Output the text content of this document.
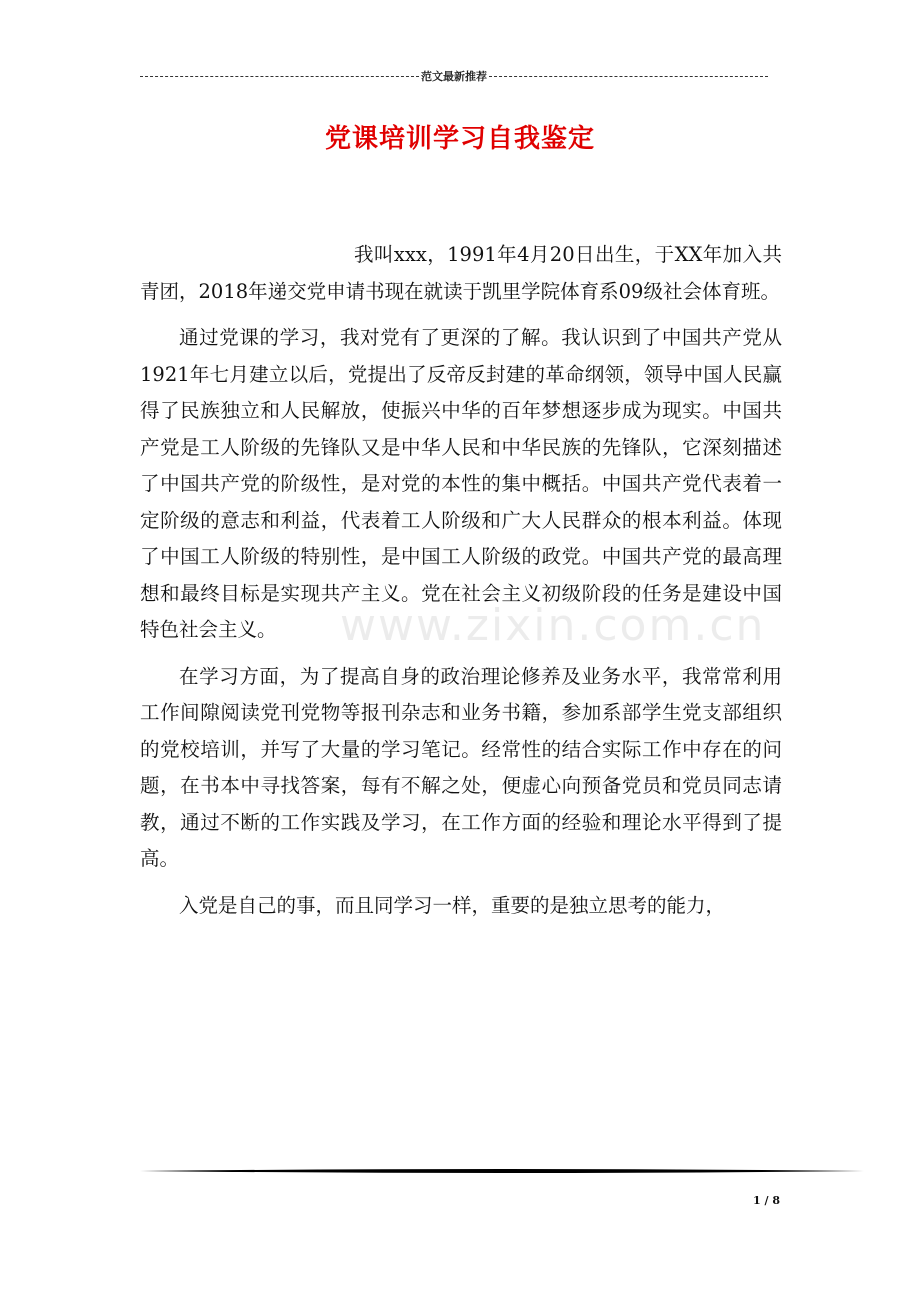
范文最新推荐
党课培训学习自我鉴定
www.zixin.com.cn

我叫xxx，1991年4月20日出生，于XX年加入共青团，2018年递交党申请书现在就读于凯里学院体育系09级社会体育班。

通过党课的学习，我对党有了更深的了解。我认识到了中国共产党从1921年七月建立以后，党提出了反帝反封建的革命纲领，领导中国人民赢得了民族独立和人民解放，使振兴中华的百年梦想逐步成为现实。中国共产党是工人阶级的先锋队又是中华人民和中华民族的先锋队，它深刻描述了中国共产党的阶级性，是对党的本性的集中概括。中国共产党代表着一定阶级的意志和利益，代表着工人阶级和广大人民群众的根本利益。体现了中国工人阶级的特别性，是中国工人阶级的政党。中国共产党的最高理想和最终目标是实现共产主义。党在社会主义初级阶段的任务是建设中国特色社会主义。

在学习方面，为了提高自身的政治理论修养及业务水平，我常常利用工作间隙阅读党刊党物等报刊杂志和业务书籍，参加系部学生党支部组织的党校培训，并写了大量的学习笔记。经常性的结合实际工作中存在的问题，在书本中寻找答案，每有不解之处，便虚心向预备党员和党员同志请教，通过不断的工作实践及学习，在工作方面的经验和理论水平得到了提高。

入党是自己的事，而且同学习一样，重要的是独立思考的能力，

1 / 8
